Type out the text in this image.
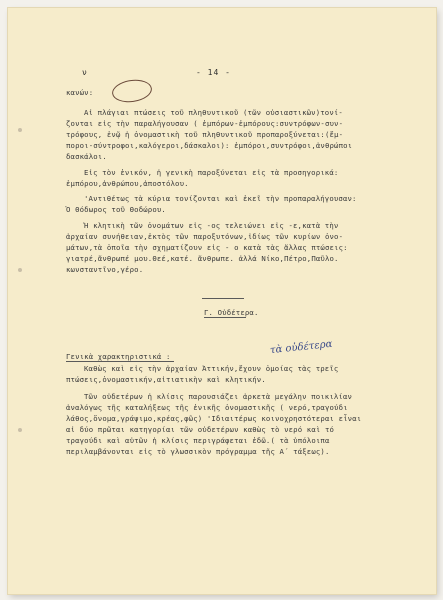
ν	- 14 -
κανών:
Αἱ πλάγιαι πτώσεις τοῦ πληθυντικοῦ (τῶν οὐσιαστικῶν)τονί-
ζονται εἰς τὴν παραλήγουσαν ( ἐμπόρων-ἐμπόρους:συντρόφων-συν-
τρόφους, ἐνῷ ἡ ὀνομαστικὴ τοῦ πληθυντικοῦ προπαροξύνεται:(ἔμ-
ποροι-σύντροφοι,καλόγεροι,δάσκαλοι): ἐμπόροι,συντρόφοι,ἀνθρώποι
δασκάλοι.
Εἰς τὸν ἑνικόν, ἡ γενικὴ παροξύνεται εἰς τὰ προσηγορικά:
ἐμπόρου,ἀνθρώπου,ἀποστόλου.
'Αντιθέτως τὰ κύρια τονίζονται καὶ ἐκεῖ τὴν προπαραλήγουσαν:
Ὁ Θόδωρος τοῦ Θοδώρου.
Ἡ κλητικὴ τῶν ὀνομάτων εἰς -ος τελειώνει εἰς -ε,κατὰ τὴν
ἀρχαίαν συνήθειαν,ἐκτὸς τῶν παροξυτόνων,ἰδίως τῶν κυρίων ὀνο-
μάτων,τὰ ὁποῖα τὴν σχηματίζουν εἰς - ο κατὰ τὰς ἄλλας πτώσεις:
γιατρέ,ἄνθρωπέ μου.Θεέ,κατέ. ἄνθρωπε. ἀλλά Νίκο,Πέτρο,Παῦλο.
κωνσταντῖνο,γέρο.
Γ. Οὐδέτερα.
τὰ οὐδέτερα
Γενικὰ χαρακτηριστικά :
Καθὼς καὶ εἰς τὴν ἀρχαίαν Ἀττικήν,ἔχουν ὁμοίας τὰς τρεῖς
πτώσεις,ὀνομαστικήν,αἰτιατικὴν καὶ κλητικήν.
Τῶν οὐδετέρων ἡ κλίσις παρουσιάζει ἀρκετὰ μεγάλην ποικιλίαν
ἀναλόγως τῆς καταλήξεως τῆς ἑνικῆς ὀνομαστικῆς ( νερό,τραγούδι
λάθος,ὄνομα,γράψιμο,κρέας,φῶς) 'Ιδιαιτέρως κοινοχρηστότεραι εἶναι
αἱ δύο πρῶται κατηγορίαι τῶν οὐδετέρων καθὼς τὸ νερό καὶ τό
τραγούδι καὶ αὐτῶν ἡ κλίσις περιγράφεται ἐδῶ.( τὰ ὑπόλοιπα
περιλαμβάνονται εἰς τὸ γλωσσικὸν πρόγραμμα τῆς Α΄ τάξεως).
